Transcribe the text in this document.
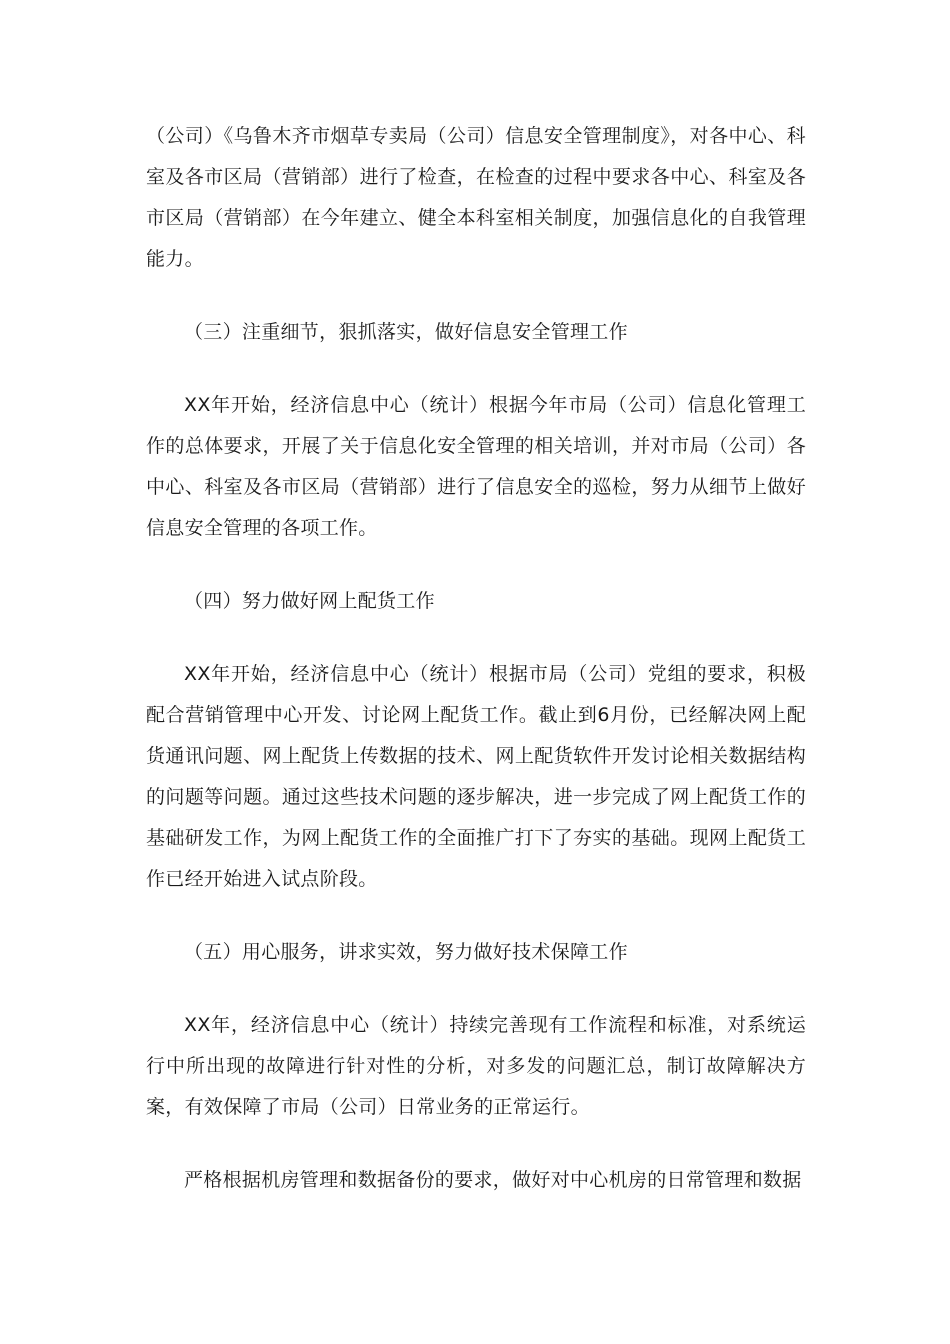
（公司）《乌鲁木齐市烟草专卖局（公司）信息安全管理制度》，对各中心、科室及各市区局（营销部）进行了检查，在检查的过程中要求各中心、科室及各市区局（营销部）在今年建立、健全本科室相关制度，加强信息化的自我管理能力。

（三）注重细节，狠抓落实，做好信息安全管理工作

XX年开始，经济信息中心（统计）根据今年市局（公司）信息化管理工作的总体要求，开展了关于信息化安全管理的相关培训，并对市局（公司）各中心、科室及各市区局（营销部）进行了信息安全的巡检，努力从细节上做好信息安全管理的各项工作。

（四）努力做好网上配货工作

XX年开始，经济信息中心（统计）根据市局（公司）党组的要求，积极配合营销管理中心开发、讨论网上配货工作。截止到6月份，已经解决网上配货通讯问题、网上配货上传数据的技术、网上配货软件开发讨论相关数据结构的问题等问题。通过这些技术问题的逐步解决，进一步完成了网上配货工作的基础研发工作，为网上配货工作的全面推广打下了夯实的基础。现网上配货工作已经开始进入试点阶段。

（五）用心服务，讲求实效，努力做好技术保障工作

XX年，经济信息中心（统计）持续完善现有工作流程和标准，对系统运行中所出现的故障进行针对性的分析，对多发的问题汇总，制订故障解决方案，有效保障了市局（公司）日常业务的正常运行。

严格根据机房管理和数据备份的要求，做好对中心机房的日常管理和数据
